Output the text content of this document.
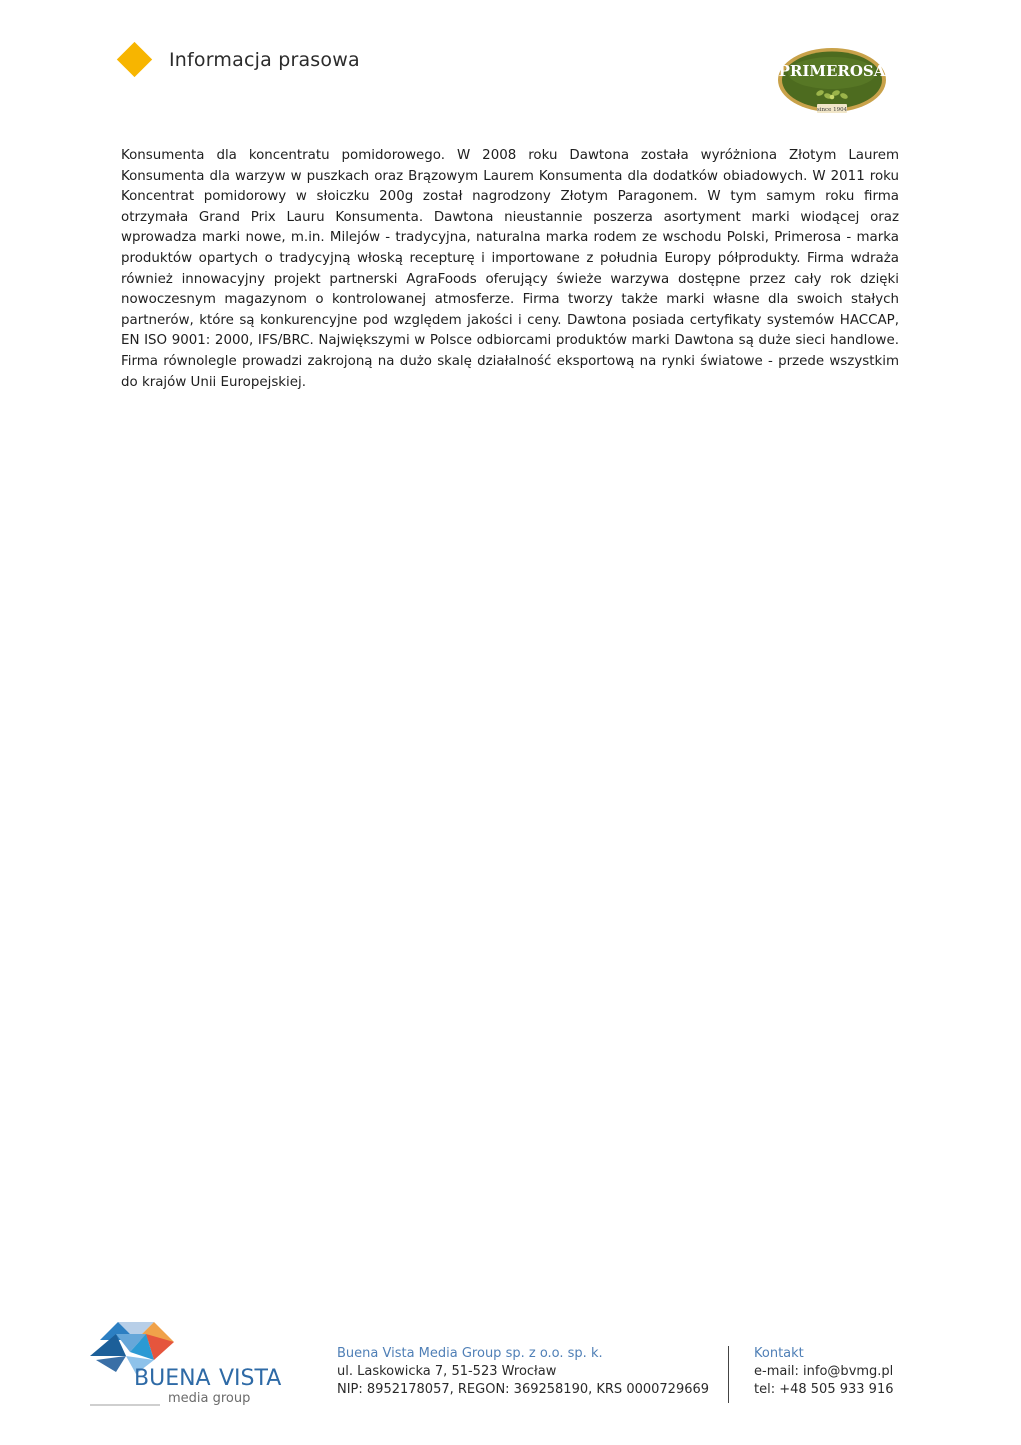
Informacja prasowa	PRIMEROSA
since 1904

Konsumenta dla koncentratu pomidorowego. W 2008 roku Dawtona została wyróżniona Złotym Laurem Konsumenta dla warzyw w puszkach oraz Brązowym Laurem Konsumenta dla dodatków obiadowych. W 2011 roku Koncentrat pomidorowy w słoiczku 200g został nagrodzony Złotym Paragonem. W tym samym roku firma otrzymała Grand Prix Lauru Konsumenta. Dawtona nieustannie poszerza asortyment marki wiodącej oraz wprowadza marki nowe, m.in. Milejów - tradycyjna, naturalna marka rodem ze wschodu Polski, Primerosa - marka produktów opartych o tradycyjną włoską recepturę i importowane z południa Europy półprodukty. Firma wdraża również innowacyjny projekt partnerski AgraFoods oferujący świeże warzywa dostępne przez cały rok dzięki nowoczesnym magazynom o kontrolowanej atmosferze. Firma tworzy także marki własne dla swoich stałych partnerów, które są konkurencyjne pod względem jakości i ceny. Dawtona posiada certyfikaty systemów HACCAP, EN ISO 9001: 2000, IFS/BRC. Największymi w Polsce odbiorcami produktów marki Dawtona są duże sieci handlowe. Firma równolegle prowadzi zakrojoną na dużo skalę działalność eksportową na rynki światowe - przede wszystkim do krajów Unii Europejskiej.

BUENA VISTA
media group
Buena Vista Media Group sp. z o.o. sp. k.
ul. Laskowicka 7, 51-523 Wrocław
NIP: 8952178057, REGON: 369258190, KRS 0000729669
Kontakt
e-mail: info@bvmg.pl
tel: +48 505 933 916
